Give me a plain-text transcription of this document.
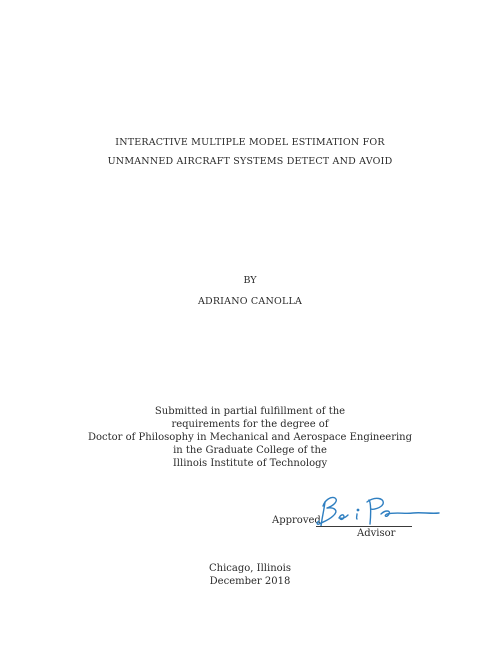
INTERACTIVE MULTIPLE MODEL ESTIMATION FOR
UNMANNED AIRCRAFT SYSTEMS DETECT AND AVOID
BY
ADRIANO CANOLLA
Submitted in partial fulfillment of the
requirements for the degree of
Doctor of Philosophy in Mechanical and Aerospace Engineering
in the Graduate College of the
Illinois Institute of Technology
Approved
Advisor
Chicago, Illinois
December 2018
